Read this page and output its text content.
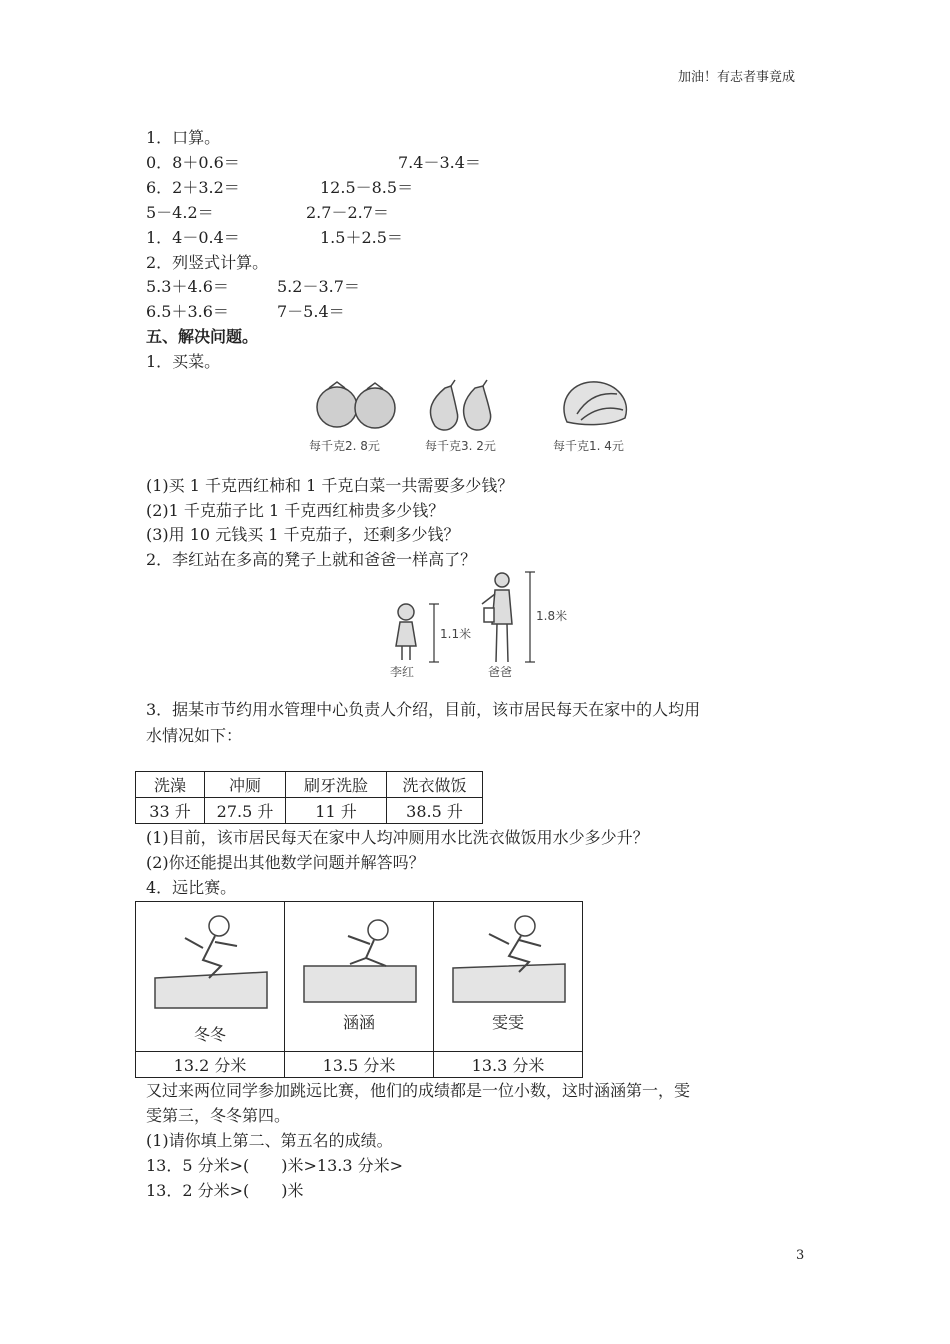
加油！有志者事竟成
1．口算。
0．8＋0.6＝	7.4－3.4＝
6．2＋3.2＝	12.5－8.5＝
5－4.2＝	2.7－2.7＝
1．4－0.4＝	1.5＋2.5＝
2．列竖式计算。
5.3＋4.6＝	5.2－3.7＝
6.5＋3.6＝	7－5.4＝
五、解决问题。
1．买菜。
每千克2. 8元	每千克3. 2元	每千克1. 4元
(1)买 1 千克西红柿和 1 千克白菜一共需要多少钱？
(2)1 千克茄子比 1 千克西红柿贵多少钱？
(3)用 10 元钱买 1 千克茄子，还剩多少钱？
2．李红站在多高的凳子上就和爸爸一样高了？
1.1米
1.8米
李红	爸爸
3．据某市节约用水管理中心负责人介绍，目前，该市居民每天在家中的人均用
水情况如下：
洗澡	冲厕	刷牙洗脸	洗衣做饭
33 升	27.5 升	11 升	38.5 升
(1)目前，该市居民每天在家中人均冲厕用水比洗衣做饭用水少多少升？
(2)你还能提出其他数学问题并解答吗？
4．远比赛。
冬冬	涵涵	雯雯

13.2 分米	13.5 分米	13.3 分米
又过来两位同学参加跳远比赛，他们的成绩都是一位小数，这时涵涵第一，雯
雯第三，冬冬第四。
(1)请你填上第二、第五名的成绩。
13．5 分米>(　　)米>13.3 分米>
13．2 分米>(　　)米
3
